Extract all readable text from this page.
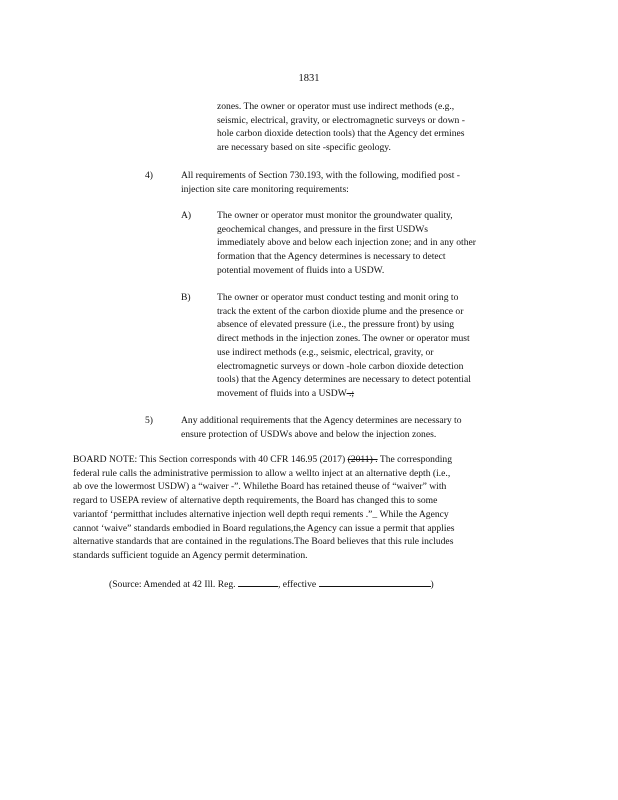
1831
zones. The owner or operator must use indirect methods (e.g.,
seismic, electrical, gravity, or electromagnetic surveys or down -
hole carbon dioxide detection tools) that the Agency det ermines
are necessary based on site -specific geology.
4)	All requirements of Section 730.193, with the following, modified post -
injection site care monitoring requirements:
A)	The owner or operator must monitor the groundwater quality,
geochemical changes, and pressure in the first USDWs
immediately above and below each injection zone; and in any other
formation that the Agency determines is necessary to detect
potential movement of fluids into a USDW.
B)	The owner or operator must conduct testing and monit oring to
track the extent of the carbon dioxide plume and the presence or
absence of elevated pressure (i.e., the pressure front) by using
direct methods in the injection zones. The owner or operator must
use indirect methods (e.g., seismic, electrical, gravity, or
electromagnetic surveys or down -hole carbon dioxide detection
tools) that the Agency determines are necessary to detect potential
movement of fluids into a USDW .;
5)	Any additional requirements that the Agency determines are necessary to
ensure protection of USDWs above and below the injection zones.
BOARD NOTE: This Section corresponds with 40 CFR 146.95 (2017) (2011) . The corresponding
federal rule calls the administrative permission to allow a wellto inject at an alternative depth (i.e.,
ab ove the lowermost USDW) a “waiver -”. Whilethe Board has retained theuse of “waiver” with
regard to USEPA review of alternative depth requirements, the Board has changed this to some
variantof ‘permitthat includes alternative injection well depth requi rements .”_ While the Agency
cannot ‘waive” standards embodied in Board regulations,the Agency can issue a permit that applies
alternative standards that are contained in the regulations.The Board believes that this rule includes
standards sufficient toguide an Agency permit determination.
(Source: Amended at 42 Ill. Reg.	, effective	)
